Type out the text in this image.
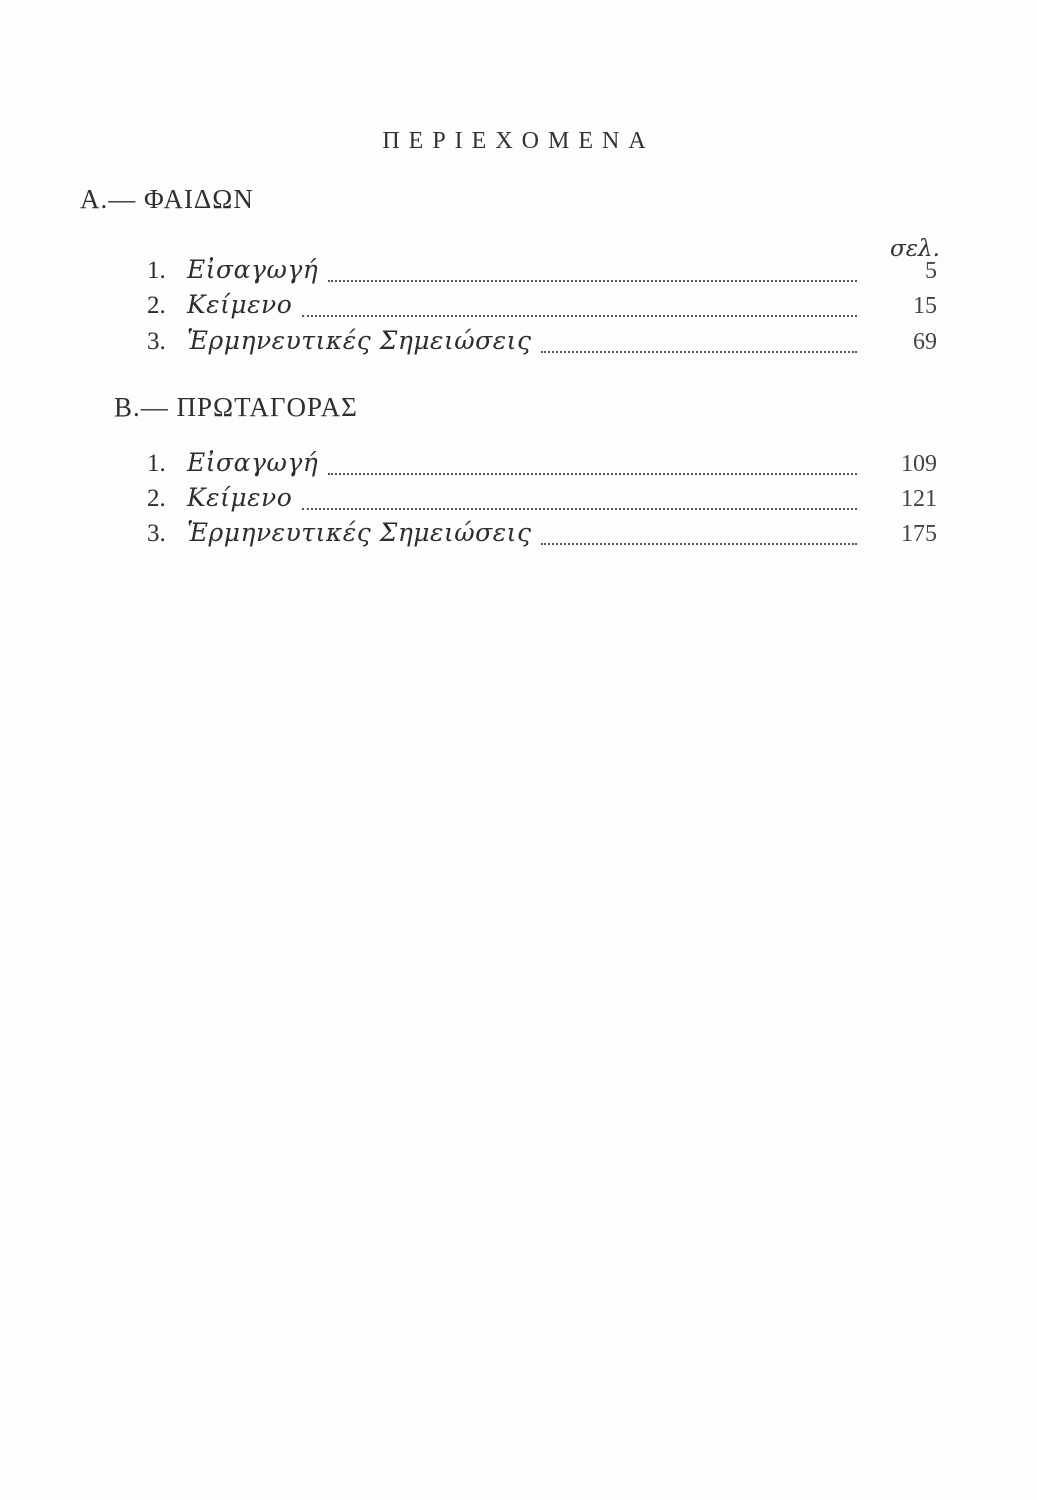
ΠΕΡΙΕΧΟΜΕΝΑ
Α.— ΦΑΙΔΩΝ
σελ.
1. Εἰσαγωγή	5
2. Κείμενο	15
3. Ἑρμηνευτικές Σημειώσεις	69
Β.— ΠΡΩΤΑΓΟΡΑΣ
1. Εἰσαγωγή	109
2. Κείμενο	121
3. Ἑρμηνευτικές Σημειώσεις	175
